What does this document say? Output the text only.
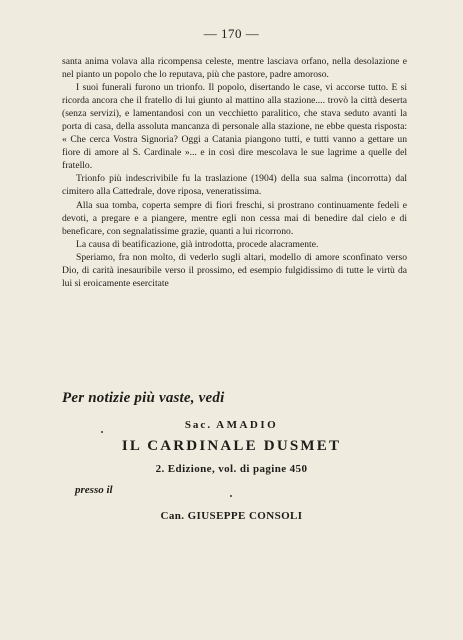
— 170 —

santa anima volava alla ricompensa celeste, mentre lasciava orfano, nella desolazione e nel pianto un popolo che lo reputava, più che pastore, padre amoroso.

I suoi funerali furono un trionfo. Il popolo, disertando le case, vi accorse tutto. E si ricorda ancora che il fratello di lui giunto al mattino alla stazione.... trovò la città deserta (senza servizi), e lamentandosi con un vecchietto paralitico, che stava seduto avanti la porta di casa, della assoluta mancanza di personale alla stazione, ne ebbe questa risposta: « Che cerca Vostra Signoria? Oggi a Catania piangono tutti, e tutti vanno a gettare un fiore di amore al S. Cardinale »... e in così dire mescolava le sue lagrime a quelle del fratello.

Trionfo più indescrivibile fu la traslazione (1904) della sua salma (incorrotta) dal cimitero alla Cattedrale, dove riposa, veneratissima.

Alla sua tomba, coperta sempre di fiori freschi, si prostrano continuamente fedeli e devoti, a pregare e a piangere, mentre egli non cessa mai di benedire dal cielo e di beneficare, con segnalatissime grazie, quanti a lui ricorrono.

La causa di beatificazione, già introdotta, procede alacramente.

Speriamo, fra non molto, di vederlo sugli altari, modello di amore sconfinato verso Dio, di carità inesauribile verso il prossimo, ed esempio fulgidissimo di tutte le virtù da lui si eroicamente esercitate

Per notizie più vaste, vedi
Sac. AMADIO
IL CARDINALE DUSMET
2. Edizione, vol. di pagine 450
presso il
Can. GIUSEPPE CONSOLI
